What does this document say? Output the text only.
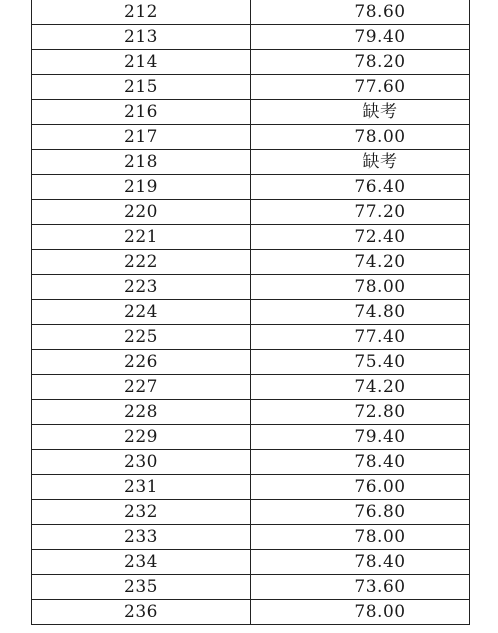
212	78.60
213	79.40
214	78.20
215	77.60
216	缺考
217	78.00
218	缺考
219	76.40
220	77.20
221	72.40
222	74.20
223	78.00
224	74.80
225	77.40
226	75.40
227	74.20
228	72.80
229	79.40
230	78.40
231	76.00
232	76.80
233	78.00
234	78.40
235	73.60
236	78.00
